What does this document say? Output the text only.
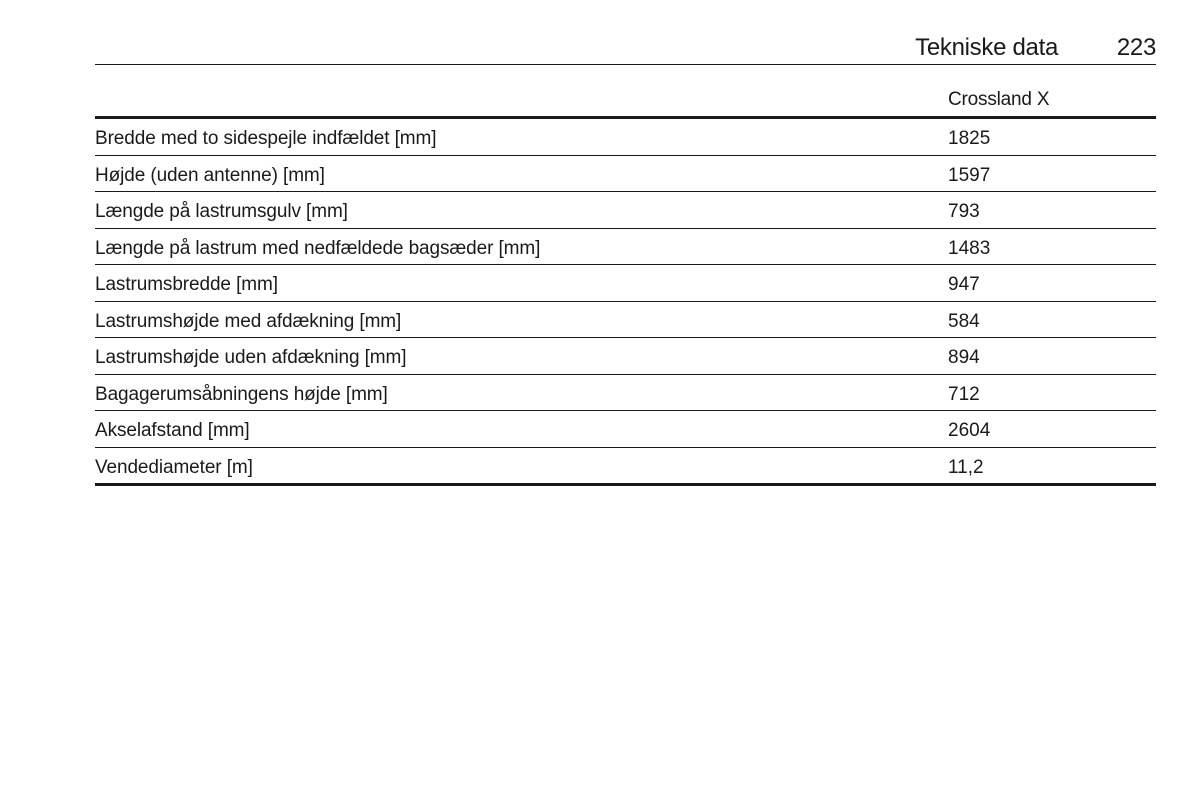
Tekniske data 223
Crossland X
Bredde med to sidespejle indfældet [mm]	1825
Højde (uden antenne) [mm]	1597
Længde på lastrumsgulv [mm]	793
Længde på lastrum med nedfældede bagsæder [mm]	1483
Lastrumsbredde [mm]	947
Lastrumshøjde med afdækning [mm]	584
Lastrumshøjde uden afdækning [mm]	894
Bagagerumsåbningens højde [mm]	712
Akselafstand [mm]	2604
Vendediameter [m]	11,2
